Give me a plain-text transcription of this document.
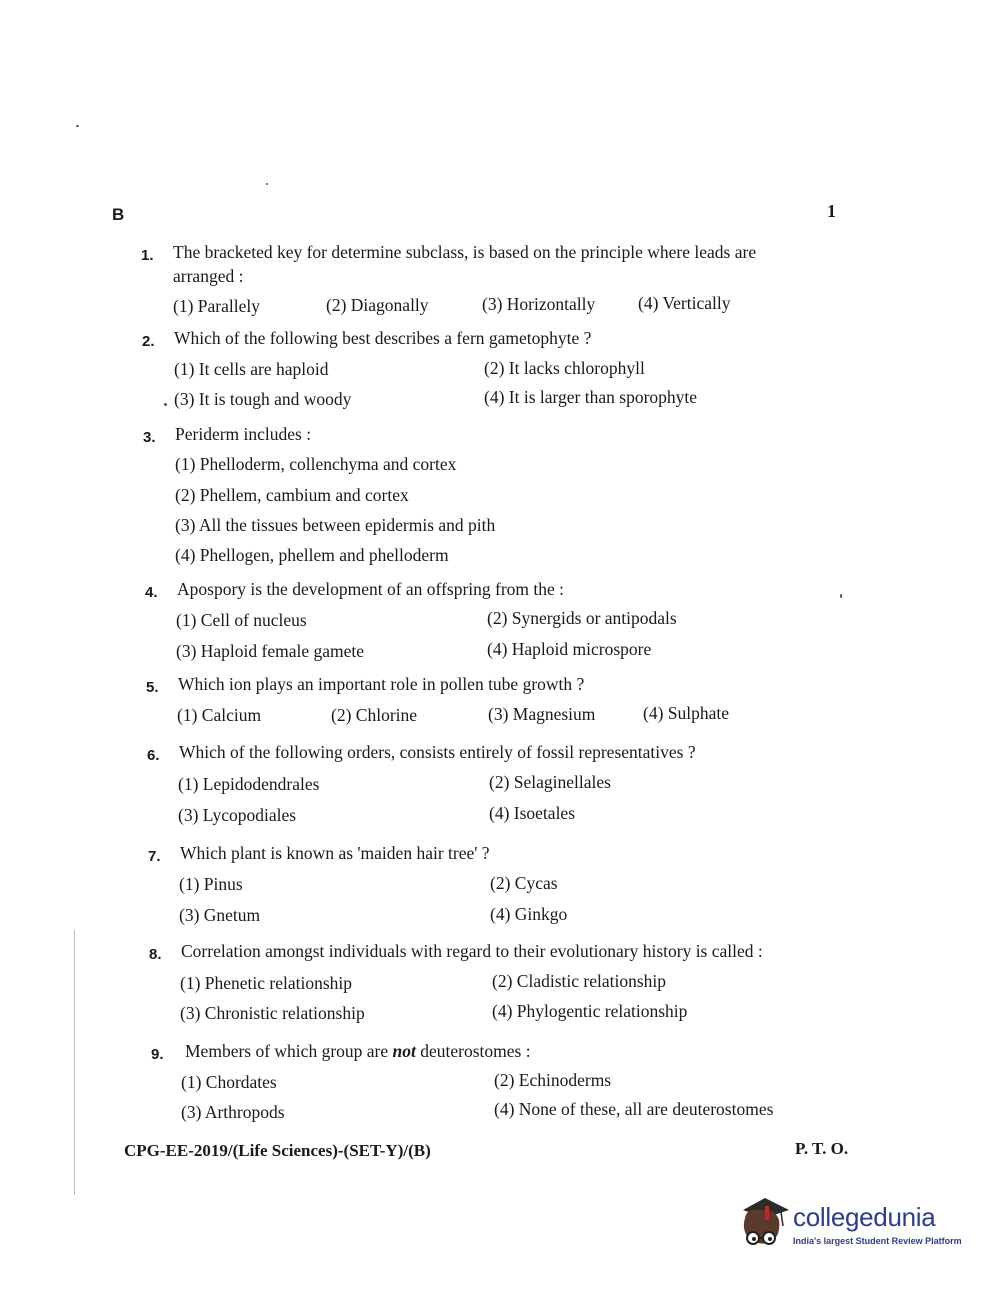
B	1
1. The bracketed key for determine subclass, is based on the principle where leads are
arranged :
(1) Parallely	(2) Diagonally	(3) Horizontally (4) Vertically
2. Which of the following best describes a fern gametophyte ?
(1) It cells are haploid	(2) It lacks chlorophyll
(3) It is tough and woody	(4) It is larger than sporophyte
3. Periderm includes :
(1) Phelloderm, collenchyma and cortex
(2) Phellem, cambium and cortex
(3) All the tissues between epidermis and pith
(4) Phellogen, phellem and phelloderm
4. Apospory is the development of an offspring from the :
(1) Cell of nucleus	(2) Synergids or antipodals
(3) Haploid female gamete	(4) Haploid microspore
5. Which ion plays an important role in pollen tube growth ?
(1) Calcium	(2) Chlorine	(3) Magnesium	(4) Sulphate
6. Which of the following orders, consists entirely of fossil representatives ?
(1) Lepidodendrales	(2) Selaginellales
(3) Lycopodiales	(4) Isoetales
7. Which plant is known as 'maiden hair tree' ?
(1) Pinus	(2) Cycas
(3) Gnetum	(4) Ginkgo
8. Correlation amongst individuals with regard to their evolutionary history is called :
(1) Phenetic relationship	(2) Cladistic relationship
(3) Chronistic relationship	(4) Phylogentic relationship
9. Members of which group are not deuterostomes :
(1) Chordates	(2) Echinoderms
(3) Arthropods	(4) None of these, all are deuterostomes
CPG-EE-2019/(Life Sciences)-(SET-Y)/(B)	P. T. O.
collegedunia
India's largest Student Review Platform
